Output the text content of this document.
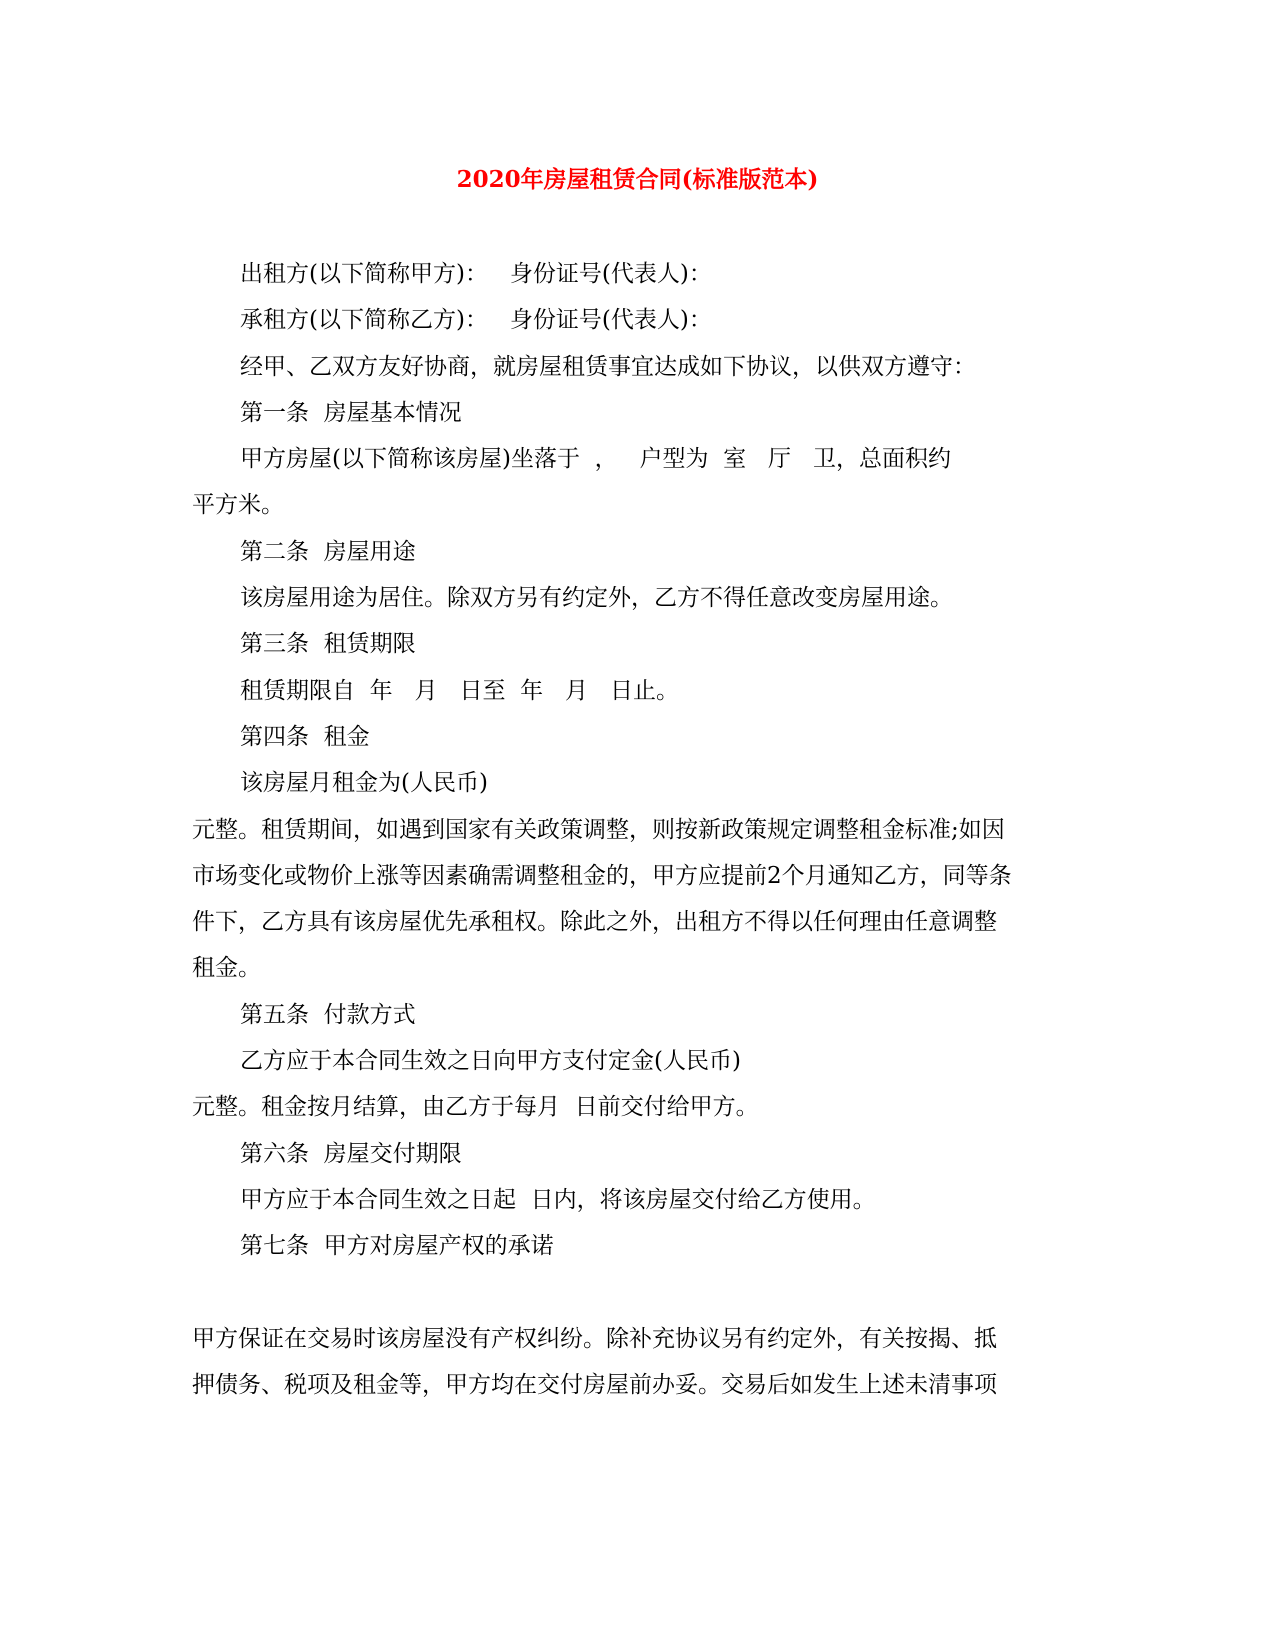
2020年房屋租赁合同(标准版范本)

出租方(以下简称甲方)：   身份证号(代表人)：

承租方(以下简称乙方)：   身份证号(代表人)：

经甲、乙双方友好协商，就房屋租赁事宜达成如下协议，以供双方遵守：

第一条  房屋基本情况

甲方房屋(以下简称该房屋)坐落于  ，   户型为  室   厅   卫，总面积约

平方米。

第二条  房屋用途

该房屋用途为居住。除双方另有约定外，乙方不得任意改变房屋用途。

第三条  租赁期限

租赁期限自  年   月   日至  年   月   日止。

第四条  租金

该房屋月租金为(人民币)

元整。租赁期间，如遇到国家有关政策调整，则按新政策规定调整租金标准;如因

市场变化或物价上涨等因素确需调整租金的，甲方应提前2个月通知乙方，同等条

件下，乙方具有该房屋优先承租权。除此之外，出租方不得以任何理由任意调整

租金。

第五条  付款方式

乙方应于本合同生效之日向甲方支付定金(人民币)

元整。租金按月结算，由乙方于每月  日前交付给甲方。

第六条  房屋交付期限

甲方应于本合同生效之日起  日内，将该房屋交付给乙方使用。

第七条  甲方对房屋产权的承诺

甲方保证在交易时该房屋没有产权纠纷。除补充协议另有约定外，有关按揭、抵

押债务、税项及租金等，甲方均在交付房屋前办妥。交易后如发生上述未清事项
